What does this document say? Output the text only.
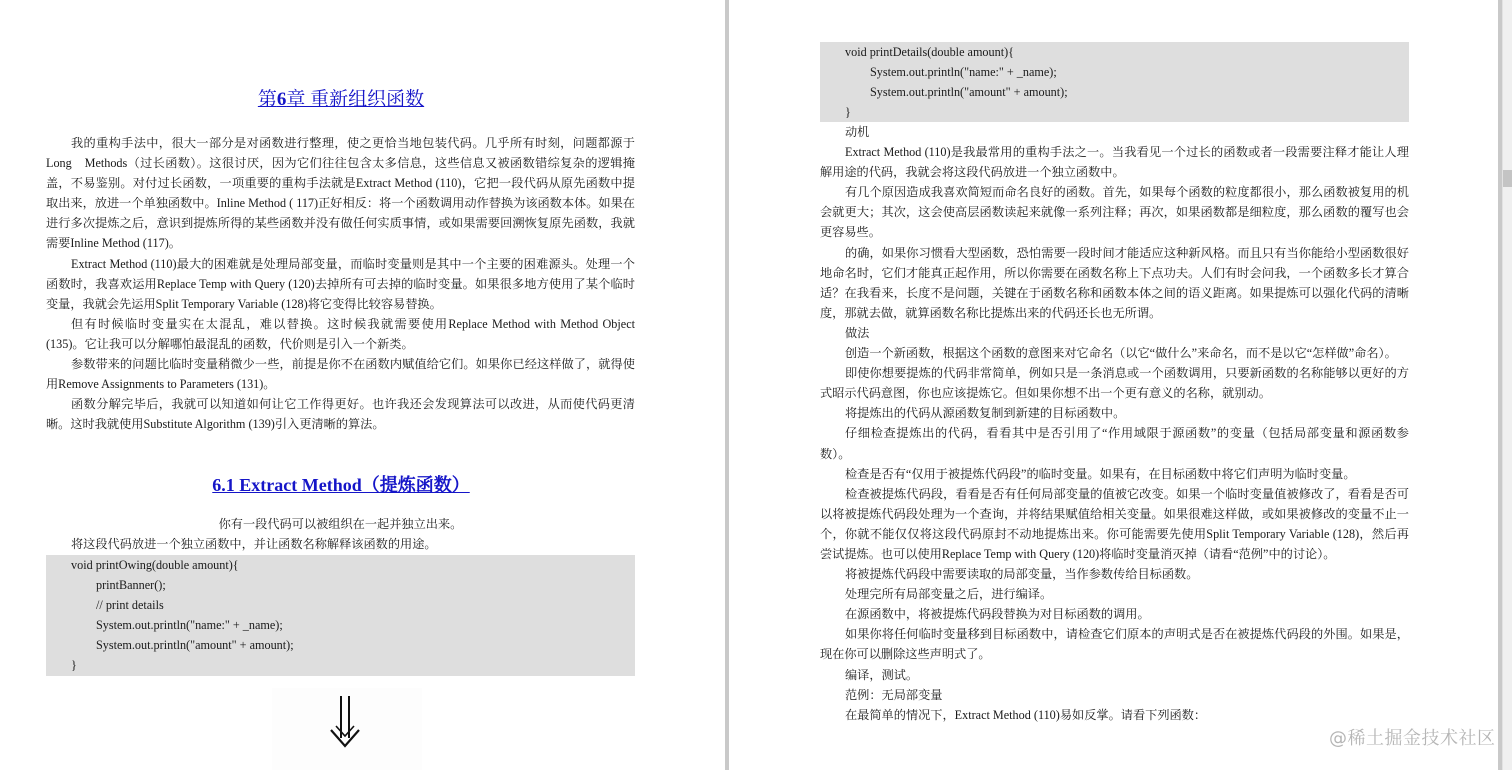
第6章 重新组织函数

我的重构手法中，很大一部分是对函数进行整理，使之更恰当地包装代码。几乎所有时刻，问题都源于Long　Methods（过长函数）。这很讨厌，因为它们往往包含太多信息，这些信息又被函数错综复杂的逻辑掩盖，不易鉴别。对付过长函数，一项重要的重构手法就是Extract Method (110)，它把一段代码从原先函数中提取出来，放进一个单独函数中。Inline Method ( 117)正好相反：将一个函数调用动作替换为该函数本体。如果在进行多次提炼之后，意识到提炼所得的某些函数并没有做任何实质事情，或如果需要回溯恢复原先函数，我就需要Inline Method (117)。

Extract Method (110)最大的困难就是处理局部变量，而临时变量则是其中一个主要的困难源头。处理一个函数时，我喜欢运用Replace Temp with Query (120)去掉所有可去掉的临时变量。如果很多地方使用了某个临时变量，我就会先运用Split Temporary Variable (128)将它变得比较容易替换。

但有时候临时变量实在太混乱，难以替换。这时候我就需要使用Replace Method with Method Object (135)。它让我可以分解哪怕最混乱的函数，代价则是引入一个新类。

参数带来的问题比临时变量稍微少一些，前提是你不在函数内赋值给它们。如果你已经这样做了，就得使用Remove Assignments to Parameters (131)。

函数分解完毕后，我就可以知道如何让它工作得更好。也许我还会发现算法可以改进，从而使代码更清晰。这时我就使用Substitute Algorithm (139)引入更清晰的算法。

6.1 Extract Method（提炼函数）

你有一段代码可以被组织在一起并独立出来。

将这段代码放进一个独立函数中，并让函数名称解释该函数的用途。

void printOwing(double amount){
printBanner();
// print details
System.out.println("name:" + _name);
System.out.println("amount" + amount);
}
void printDetails(double amount){
System.out.println("name:" + _name);
System.out.println("amount" + amount);
}

动机

Extract Method (110)是我最常用的重构手法之一。当我看见一个过长的函数或者一段需要注释才能让人理解用途的代码，我就会将这段代码放进一个独立函数中。

有几个原因造成我喜欢简短而命名良好的函数。首先，如果每个函数的粒度都很小，那么函数被复用的机会就更大；其次，这会使高层函数读起来就像一系列注释；再次，如果函数都是细粒度，那么函数的覆写也会更容易些。

的确，如果你习惯看大型函数，恐怕需要一段时间才能适应这种新风格。而且只有当你能给小型函数很好地命名时，它们才能真正起作用，所以你需要在函数名称上下点功夫。人们有时会问我，一个函数多长才算合适？在我看来，长度不是问题，关键在于函数名称和函数本体之间的语义距离。如果提炼可以强化代码的清晰度，那就去做，就算函数名称比提炼出来的代码还长也无所谓。

做法

创造一个新函数，根据这个函数的意图来对它命名（以它“做什么”来命名，而不是以它“怎样做”命名）。

即使你想要提炼的代码非常简单，例如只是一条消息或一个函数调用，只要新函数的名称能够以更好的方式昭示代码意图，你也应该提炼它。但如果你想不出一个更有意义的名称，就别动。

将提炼出的代码从源函数复制到新建的目标函数中。

仔细检查提炼出的代码，看看其中是否引用了“作用域限于源函数”的变量（包括局部变量和源函数参数）。

检查是否有“仅用于被提炼代码段”的临时变量。如果有，在目标函数中将它们声明为临时变量。

检查被提炼代码段，看看是否有任何局部变量的值被它改变。如果一个临时变量值被修改了，看看是否可以将被提炼代码段处理为一个查询，并将结果赋值给相关变量。如果很难这样做，或如果被修改的变量不止一个，你就不能仅仅将这段代码原封不动地提炼出来。你可能需要先使用Split Temporary Variable (128)，然后再尝试提炼。也可以使用Replace Temp with Query (120)将临时变量消灭掉（请看“范例”中的讨论）。

将被提炼代码段中需要读取的局部变量，当作参数传给目标函数。

处理完所有局部变量之后，进行编译。

在源函数中，将被提炼代码段替换为对目标函数的调用。

如果你将任何临时变量移到目标函数中，请检查它们原本的声明式是否在被提炼代码段的外围。如果是，现在你可以删除这些声明式了。

编译，测试。

范例：无局部变量

在最简单的情况下，Extract Method (110)易如反掌。请看下列函数：

@稀土掘金技术社区
